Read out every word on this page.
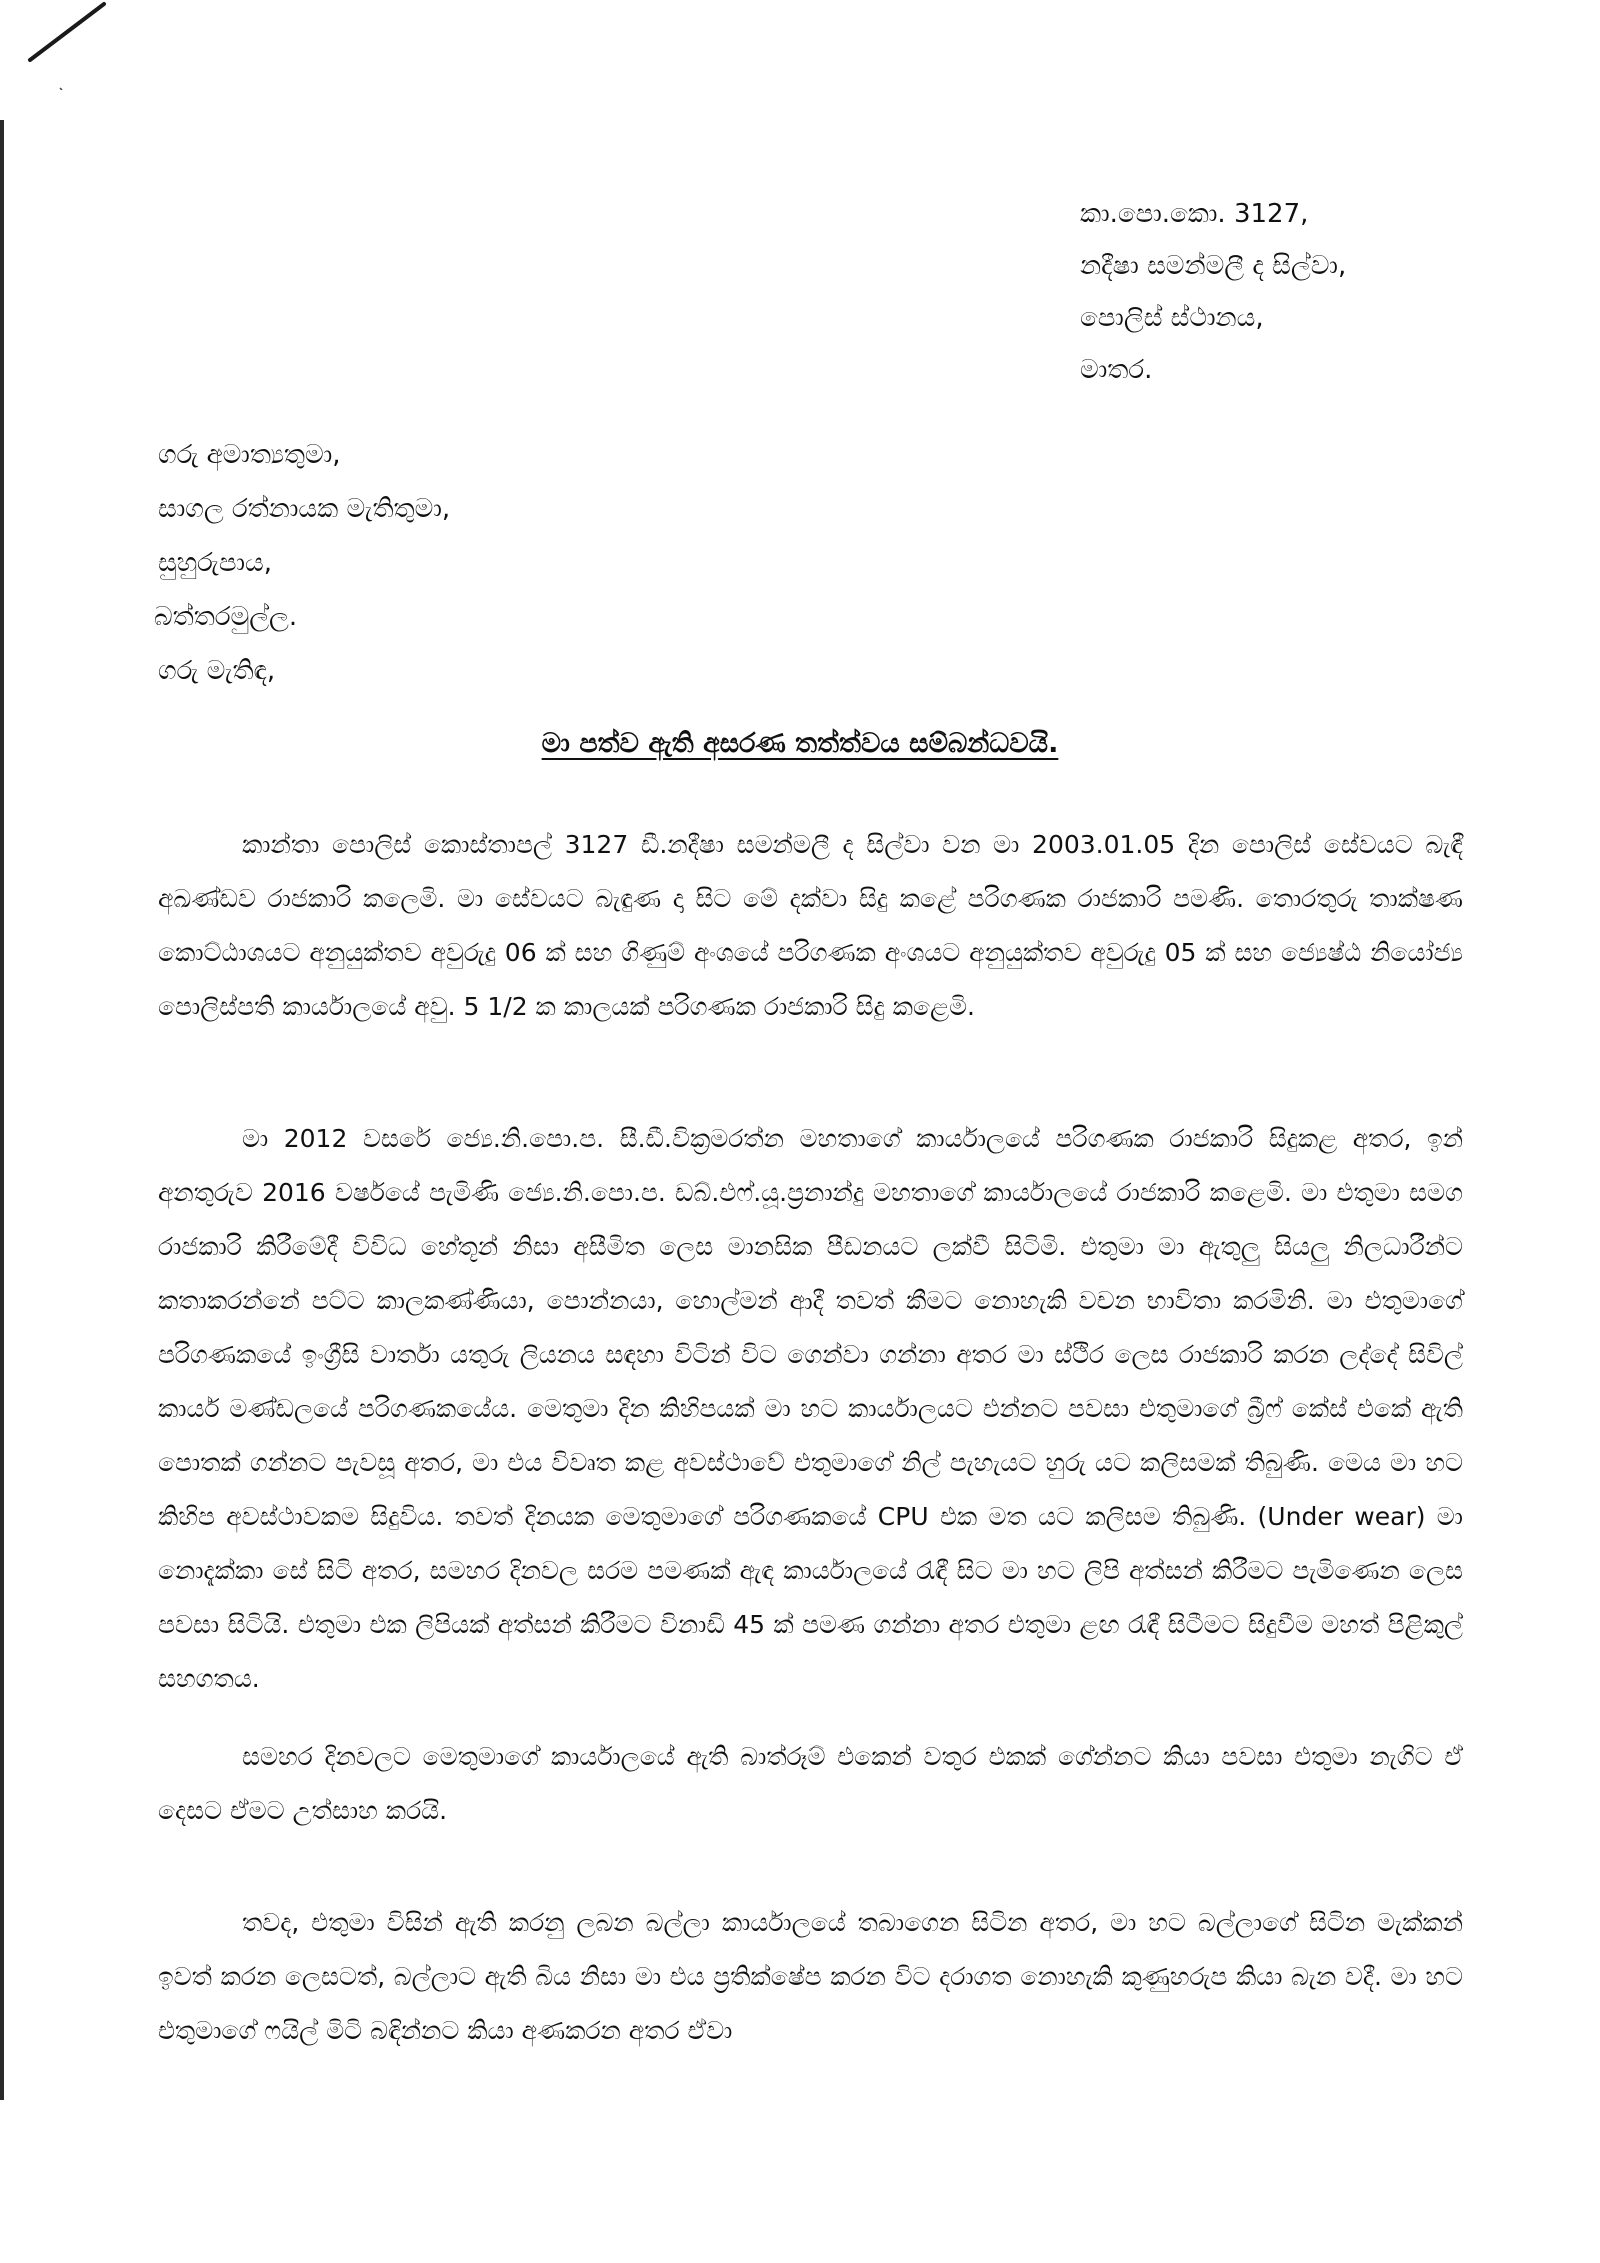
කා.පො.කො. 3127,
නදීෂා සමන්මලී ද සිල්වා,
පොලිස් ස්ථානය,
මාතර.
ගරු අමාත්‍යතුමා,
සාගල රත්නායක මැතිතුමා,
සුහුරුපාය,
බත්තරමුල්ල.
ගරු මැතිඳ,
මා පත්ව ඇති අසරණ තත්ත්වය සම්බන්ධවයි.

කාන්තා පොලිස් කොස්තාපල් 3127 ඩී.නදීෂා සමන්මලී ද සිල්වා වන මා 2003.01.05 දින පොලිස් සේවයට බැඳී අඛණ්ඩව රාජකාරි කලෙමි. මා සේවයට බැඳුණ දා සිට මේ දක්වා සිදු කළේ පරිගණක රාජකාරි පමණි. තොරතුරු තාක්ෂණ කොට්ඨාශයට අනුයුක්තව අවුරුදු 06 ක් සහ ගිණුම් අංශයේ පරිගණක අංශයට අනුයුක්තව අවුරුදු 05 ක් සහ ජ්‍යෙෂ්ඨ නියෝජ්‍ය පොලිස්පති කාර්යාලයේ අවු. 5 1/2 ක කාලයක් පරිගණක රාජකාරි සිදු කළෙමි.

මා 2012 වසරේ ජ්‍යෙ.නි.පො.ප. සී.ඩී.වික්‍රමරත්න මහතාගේ කාර්යාලයේ පරිගණක රාජකාරි සිදුකළ අතර, ඉන් අනතුරුව 2016 වර්ෂයේ පැමිණි ජ්‍යෙ.නි.පො.ප. ඩබ්.එෆ්.යූ.ප්‍රනාන්දු මහතාගේ කාර්යාලයේ රාජකාරි කළෙමි. මා එතුමා සමග රාජකාරි කිරීමේදී විවිධ හේතූන් නිසා අසීමිත ලෙස මානසික පීඩනයට ලක්වී සිටිමි. එතුමා මා ඇතුලු සියලු නිලධාරීන්ට කතාකරන්නේ පට්ට කාලකණ්ණියා, පොන්නයා, හොල්මන් ආදී තවත් කීමට නොහැකි වචන භාවිතා කරමිනි. මා එතුමාගේ පරිගණකයේ ඉංග්‍රීසි වාර්තා යතුරු ලියනය සඳහා විටින් විට ගෙන්වා ගන්නා අතර මා ස්ථිර ලෙස රාජකාරි කරන ලද්දේ සිවිල් කාර්ය මණ්ඩලයේ පරිගණකයේය. මෙතුමා දින කිහිපයක් මා හට කාර්යාලයට එන්නට පවසා එතුමාගේ බ්‍රීෆ් කේස් එකේ ඇති පොතක් ගන්නට පැවසූ අතර, මා එය විවෘත කළ අවස්ථාවේ එතුමාගේ නිල් පැහැයට හුරු යට කලිසමක් තිබුණි. මෙය මා හට කිහිප අවස්ථාවකම සිදුවිය. තවත් දිනයක මෙතුමාගේ පරිගණකයේ CPU එක මත යට කලිසම තිබුණි. (Under wear) මා නොදැක්කා සේ සිටි අතර, සමහර දිනවල සරම පමණක් ඇඳ කාර්යාලයේ රැඳී සිට මා හට ලිපි අත්සන් කිරීමට පැමිණෙන ලෙස පවසා සිටියි. එතුමා එක ලිපියක් අත්සන් කිරීමට විනාඩි 45 ක් පමණ ගන්නා අතර එතුමා ළඟ රැඳී සිටීමට සිදුවීම මහත් පිළිකුල් සහගතය.

සමහර දිනවලට මෙතුමාගේ කාර්යාලයේ ඇති බාත්රූම් එකෙන් වතුර එකක් ගේන්නට කියා පවසා එතුමා නැගිට ඒ දෙසට ඒමට උත්සාහ කරයි.

තවද, එතුමා විසින් ඇති කරනු ලබන බල්ලා කාර්යාලයේ තබාගෙන සිටින අතර, මා හට බල්ලාගේ සිටින මැක්කන් ඉවත් කරන ලෙසටත්, බල්ලාට ඇති බිය නිසා මා එය ප්‍රතික්ෂේප කරන විට දරාගත නොහැකි කුණුහරුප කියා බැන වදී. මා හට එතුමාගේ ෆයිල් මිටි බඳින්නට කියා අණකරන අතර ඒවා
